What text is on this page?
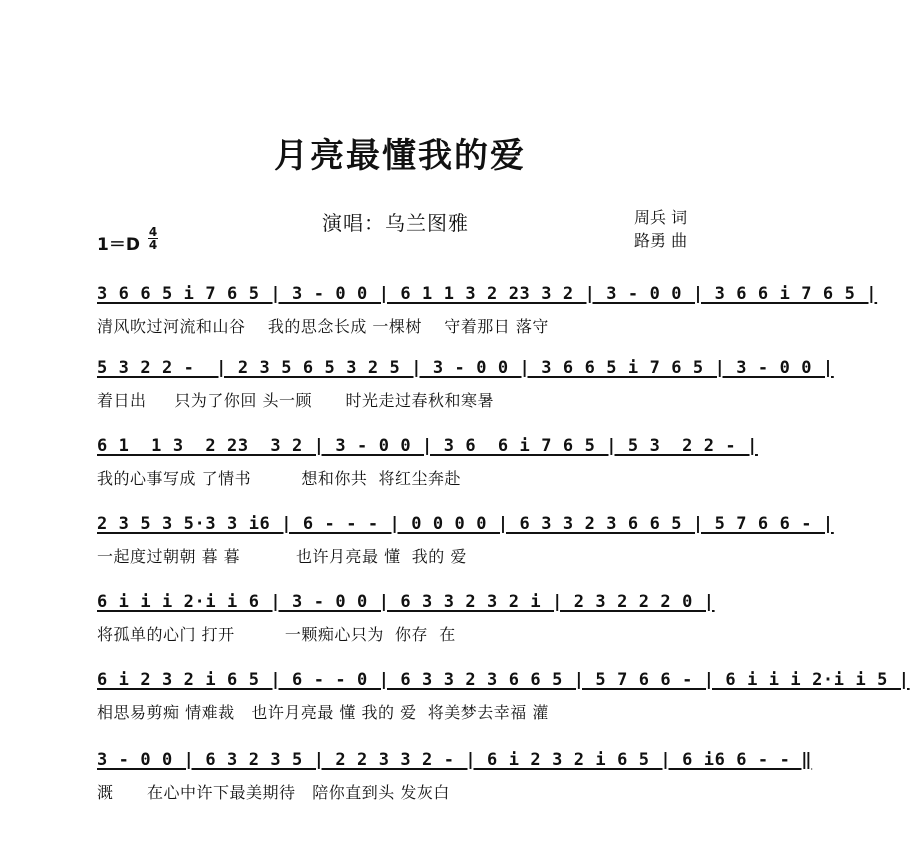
月亮最懂我的爱
演唱：乌兰图雅	周兵 词
路勇 曲
1＝D
4
4
3 6 6 5 i 7 6 5 | 3 - 0 0 | 6 1 1 3 2 23 3 2 | 3 - 0 0 | 3 6 6 i 7 6 5 |
清风吹过河流和山谷    我的思念长成 一棵树    守着那日 落守
5 3 2 2 -  | 2 3 5 6 5 3 2 5 | 3 - 0 0 | 3 6 6 5 i 7 6 5 | 3 - 0 0 |
着日出     只为了你回 头一顾      时光走过春秋和寒暑
6 1  1 3  2 23  3 2 | 3 - 0 0 | 3 6  6 i 7 6 5 | 5 3  2 2 - |
我的心事写成 了情书         想和你共  将红尘奔赴
2 3 5 3 5·3 3 i6 | 6 - - - | 0 0 0 0 | 6 3 3 2 3 6 6 5 | 5 7 6 6 - |
一起度过朝朝 暮 暮          也许月亮最 懂  我的 爱
6 i i i 2·i i 6 | 3 - 0 0 | 6 3 3 2 3 2 i | 2 3 2 2 2 0 |
将孤单的心门 打开         一颗痴心只为  你存  在
6 i 2 3 2 i 6 5 | 6 - - 0 | 6 3 3 2 3 6 6 5 | 5 7 6 6 - | 6 i i i 2·i i 5 |
相思易剪痴 情难裁   也许月亮最 懂 我的 爱  将美梦去幸福 灌
3 - 0 0 | 6 3 2 3 5 | 2 2 3 3 2 - | 6 i 2 3 2 i 6 5 | 6 i6 6 - - ‖
溉      在心中许下最美期待   陪你直到头 发灰白
